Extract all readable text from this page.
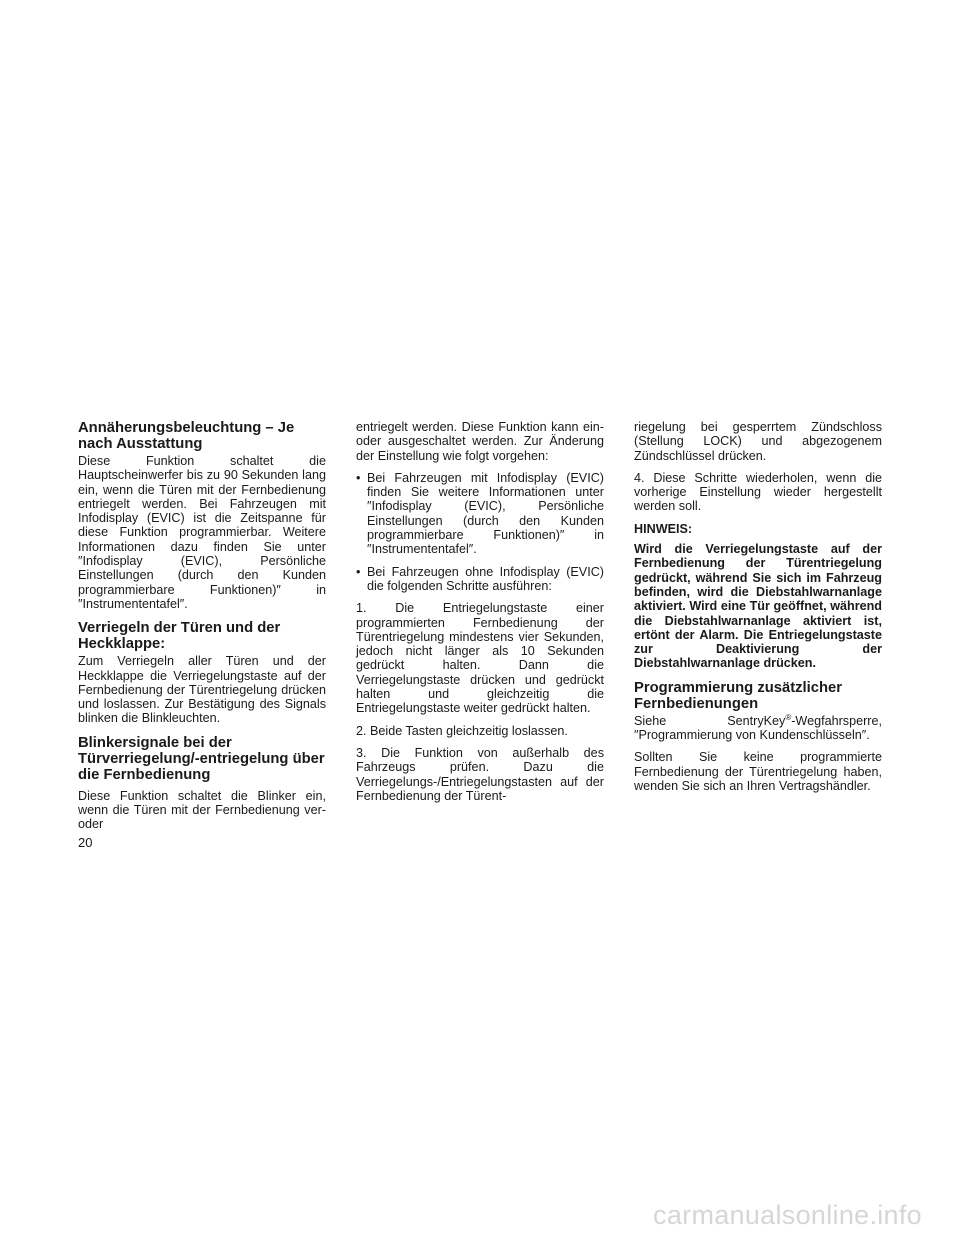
Annäherungsbeleuchtung – Je nach Ausstattung

Diese Funktion schaltet die Hauptscheinwerfer bis zu 90 Sekunden lang ein, wenn die Türen mit der Fernbedienung entriegelt werden. Bei Fahrzeugen mit Infodisplay (EVIC) ist die Zeitspanne für diese Funktion programmierbar. Weitere Informationen dazu finden Sie unter ″Infodisplay (EVIC), Persönliche Einstellungen (durch den Kunden programmierbare Funktionen)″ in ″Instrumententafel″.

Verriegeln der Türen und der Heckklappe:

Zum Verriegeln aller Türen und der Heckklappe die Verriegelungstaste auf der Fernbedienung der Türentriegelung drücken und loslassen. Zur Bestätigung des Signals blinken die Blinkleuchten.

Blinkersignale bei der Türverriegelung/-entriegelung über die Fernbedienung

Diese Funktion schaltet die Blinker ein, wenn die Türen mit der Fernbedienung ver- oder

entriegelt werden. Diese Funktion kann ein- oder ausgeschaltet werden. Zur Änderung der Einstellung wie folgt vorgehen:

• Bei Fahrzeugen mit Infodisplay (EVIC) finden Sie weitere Informationen unter ″Infodisplay (EVIC), Persönliche Einstellungen (durch den Kunden programmierbare Funktionen)″ in ″Instrumententafel″.
• Bei Fahrzeugen ohne Infodisplay (EVIC) die folgenden Schritte ausführen:

1. Die Entriegelungstaste einer programmierten Fernbedienung der Türentriegelung mindestens vier Sekunden, jedoch nicht länger als 10 Sekunden gedrückt halten. Dann die Verriegelungstaste drücken und gedrückt halten und gleichzeitig die Entriegelungstaste weiter gedrückt halten.

2. Beide Tasten gleichzeitig loslassen.

3. Die Funktion von außerhalb des Fahrzeugs prüfen. Dazu die Verriegelungs-/Entriegelungstasten auf der Fernbedienung der Türent-

riegelung bei gesperrtem Zündschloss (Stellung LOCK) und abgezogenem Zündschlüssel drücken.

4. Diese Schritte wiederholen, wenn die vorherige Einstellung wieder hergestellt werden soll.

HINWEIS:

Wird die Verriegelungstaste auf der Fernbedienung der Türentriegelung gedrückt, während Sie sich im Fahrzeug befinden, wird die Diebstahlwarnanlage aktiviert. Wird eine Tür geöffnet, während die Diebstahlwarnanlage aktiviert ist, ertönt der Alarm. Die Entriegelungstaste zur Deaktivierung der Diebstahlwarnanlage drücken.

Programmierung zusätzlicher Fernbedienungen

Siehe SentryKey®-Wegfahrsperre, ″Programmierung von Kundenschlüsseln″.

Sollten Sie keine programmierte Fernbedienung der Türentriegelung haben, wenden Sie sich an Ihren Vertragshändler.

20
carmanualsonline.info
